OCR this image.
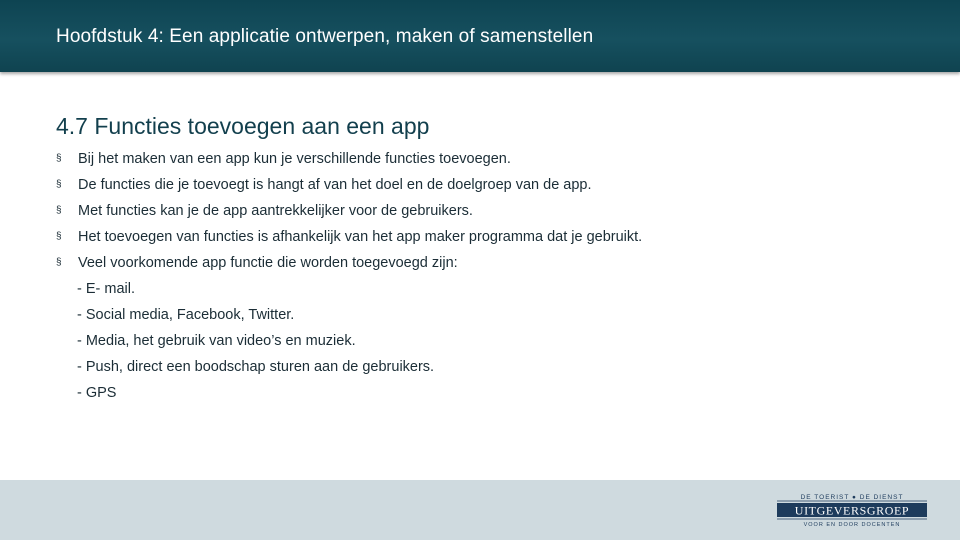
Hoofdstuk 4: Een applicatie ontwerpen, maken of samenstellen
4.7 Functies toevoegen aan een app
§	Bij het maken van een app kun je verschillende functies toevoegen.
§	De functies die je toevoegt is hangt af van het doel en de doelgroep van de app.
§	Met functies kan je de app aantrekkelijker voor de gebruikers.
§	Het toevoegen van functies is afhankelijk van het app maker programma dat je gebruikt.
§	Veel voorkomende app functie die worden toegevoegd zijn:
- E- mail.
- Social media, Facebook, Twitter.
- Media, het gebruik van video’s en muziek.
- Push, direct een boodschap sturen aan de gebruikers.
- GPS
DE TOERIST ● DE DIENST
UITGEVERSGROEP
VOOR EN DOOR DOCENTEN
